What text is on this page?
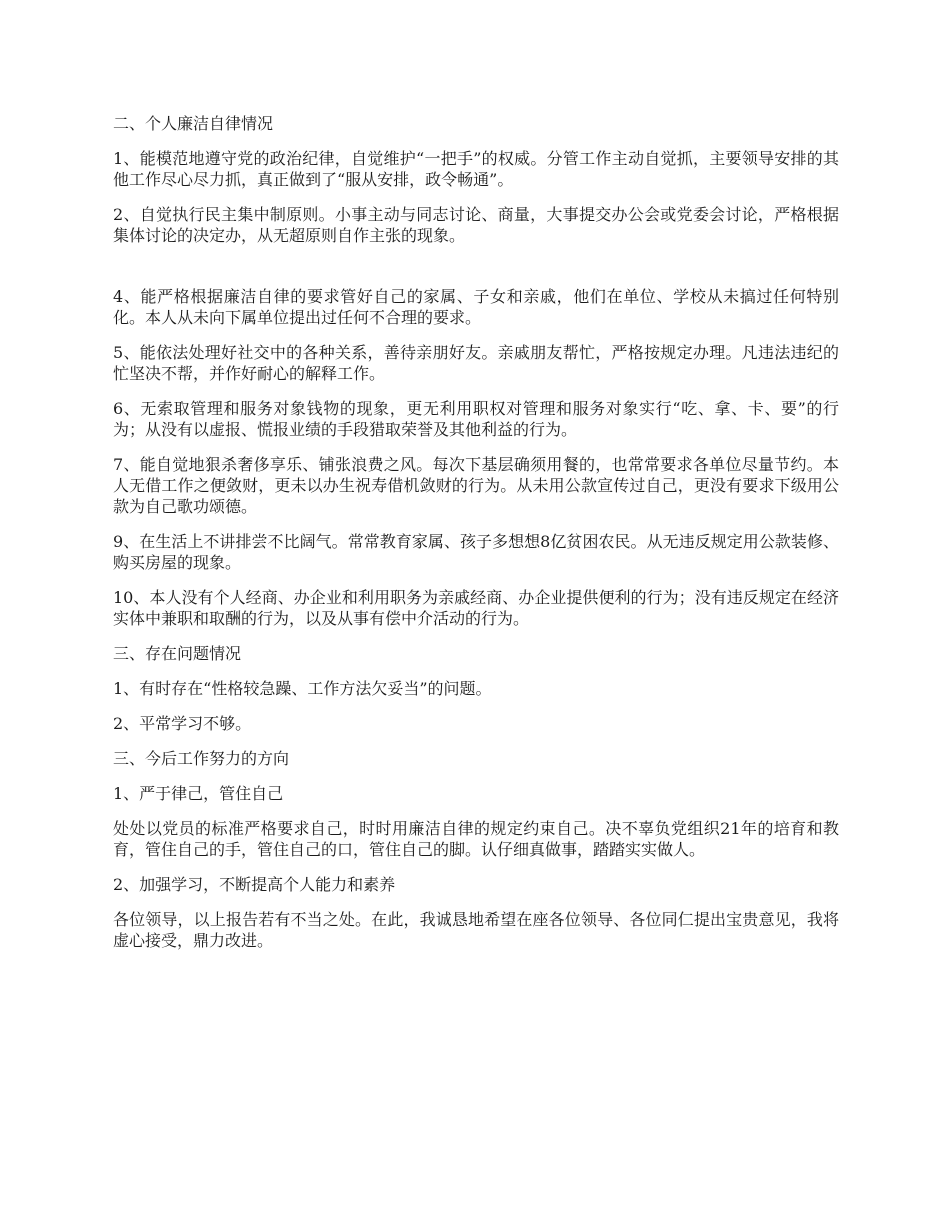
二、个人廉洁自律情况

1、能模范地遵守党的政治纪律，自觉维护“一把手”的权威。分管工作主动自觉抓，主要领导安排的其他工作尽心尽力抓，真正做到了“服从安排，政令畅通”。

2、自觉执行民主集中制原则。小事主动与同志讨论、商量，大事提交办公会或党委会讨论，严格根据集体讨论的决定办，从无超原则自作主张的现象。

4、能严格根据廉洁自律的要求管好自己的家属、子女和亲戚，他们在单位、学校从未搞过任何特别化。本人从未向下属单位提出过任何不合理的要求。

5、能依法处理好社交中的各种关系，善待亲朋好友。亲戚朋友帮忙，严格按规定办理。凡违法违纪的忙坚决不帮，并作好耐心的解释工作。

6、无索取管理和服务对象钱物的现象，更无利用职权对管理和服务对象实行“吃、拿、卡、要”的行为；从没有以虚报、慌报业绩的手段猎取荣誉及其他利益的行为。

7、能自觉地狠杀奢侈享乐、铺张浪费之风。每次下基层确须用餐的，也常常要求各单位尽量节约。本人无借工作之便敛财，更未以办生祝寿借机敛财的行为。从未用公款宣传过自己，更没有要求下级用公款为自己歌功颂德。

9、在生活上不讲排尝不比阔气。常常教育家属、孩子多想想8亿贫困农民。从无违反规定用公款装修、购买房屋的现象。

10、本人没有个人经商、办企业和利用职务为亲戚经商、办企业提供便利的行为；没有违反规定在经济实体中兼职和取酬的行为，以及从事有偿中介活动的行为。

三、存在问题情况

1、有时存在“性格较急躁、工作方法欠妥当”的问题。

2、平常学习不够。

三、今后工作努力的方向

1、严于律己，管住自己

处处以党员的标准严格要求自己，时时用廉洁自律的规定约束自己。决不辜负党组织21年的培育和教育，管住自己的手，管住自己的口，管住自己的脚。认仔细真做事，踏踏实实做人。

2、加强学习，不断提高个人能力和素养

各位领导，以上报告若有不当之处。在此，我诚恳地希望在座各位领导、各位同仁提出宝贵意见，我将虚心接受，鼎力改进。
